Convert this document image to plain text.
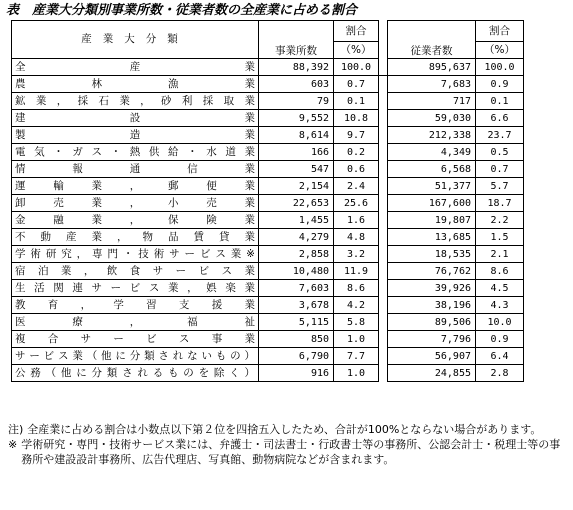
表　産業大分類別事業所数・従業者数の全産業に占める割合
産業大分類	事業所数	割合		従業者数	割合
		（%）			（%）
全産業	88,392	100.0		895,637	100.0
農林漁業	603	0.7		7,683	0.9
鉱業，採石業，砂利採取業	79	0.1		717	0.1
建設業	9,552	10.8		59,030	6.6
製造業	8,614	9.7		212,338	23.7
電気・ガス・熱供給・水道業	166	0.2		4,349	0.5
情報通信業	547	0.6		6,568	0.7
運輸業，郵便業	2,154	2.4		51,377	5.7
卸売業，小売業	22,653	25.6		167,600	18.7
金融業，保険業	1,455	1.6		19,807	2.2
不動産業，物品賃貸業	4,279	4.8		13,685	1.5
学術研究，専門・技術サービス業※	2,858	3.2		18,535	2.1
宿泊業，飲食サービス業	10,480	11.9		76,762	8.6
生活関連サービス業，娯楽業	7,603	8.6		39,926	4.5
教育，学習支援業	3,678	4.2		38,196	4.3
医療，福祉	5,115	5.8		89,506	10.0
複合サービス事業	850	1.0		7,796	0.9
サービス業（他に分類されないもの）	6,790	7.7		56,907	6.4
公務（他に分類されるものを除く）	916	1.0		24,855	2.8
注) 全産業に占める割合は小数点以下第２位を四捨五入したため、合計が100%とならない場合があります。
※ 学術研究・専門・技術サービス業には、弁護士・司法書士・行政書士等の事務所、公認会計士・税理士等の事務所や建設設計事務所、広告代理店、写真館、動物病院などが含まれます。
